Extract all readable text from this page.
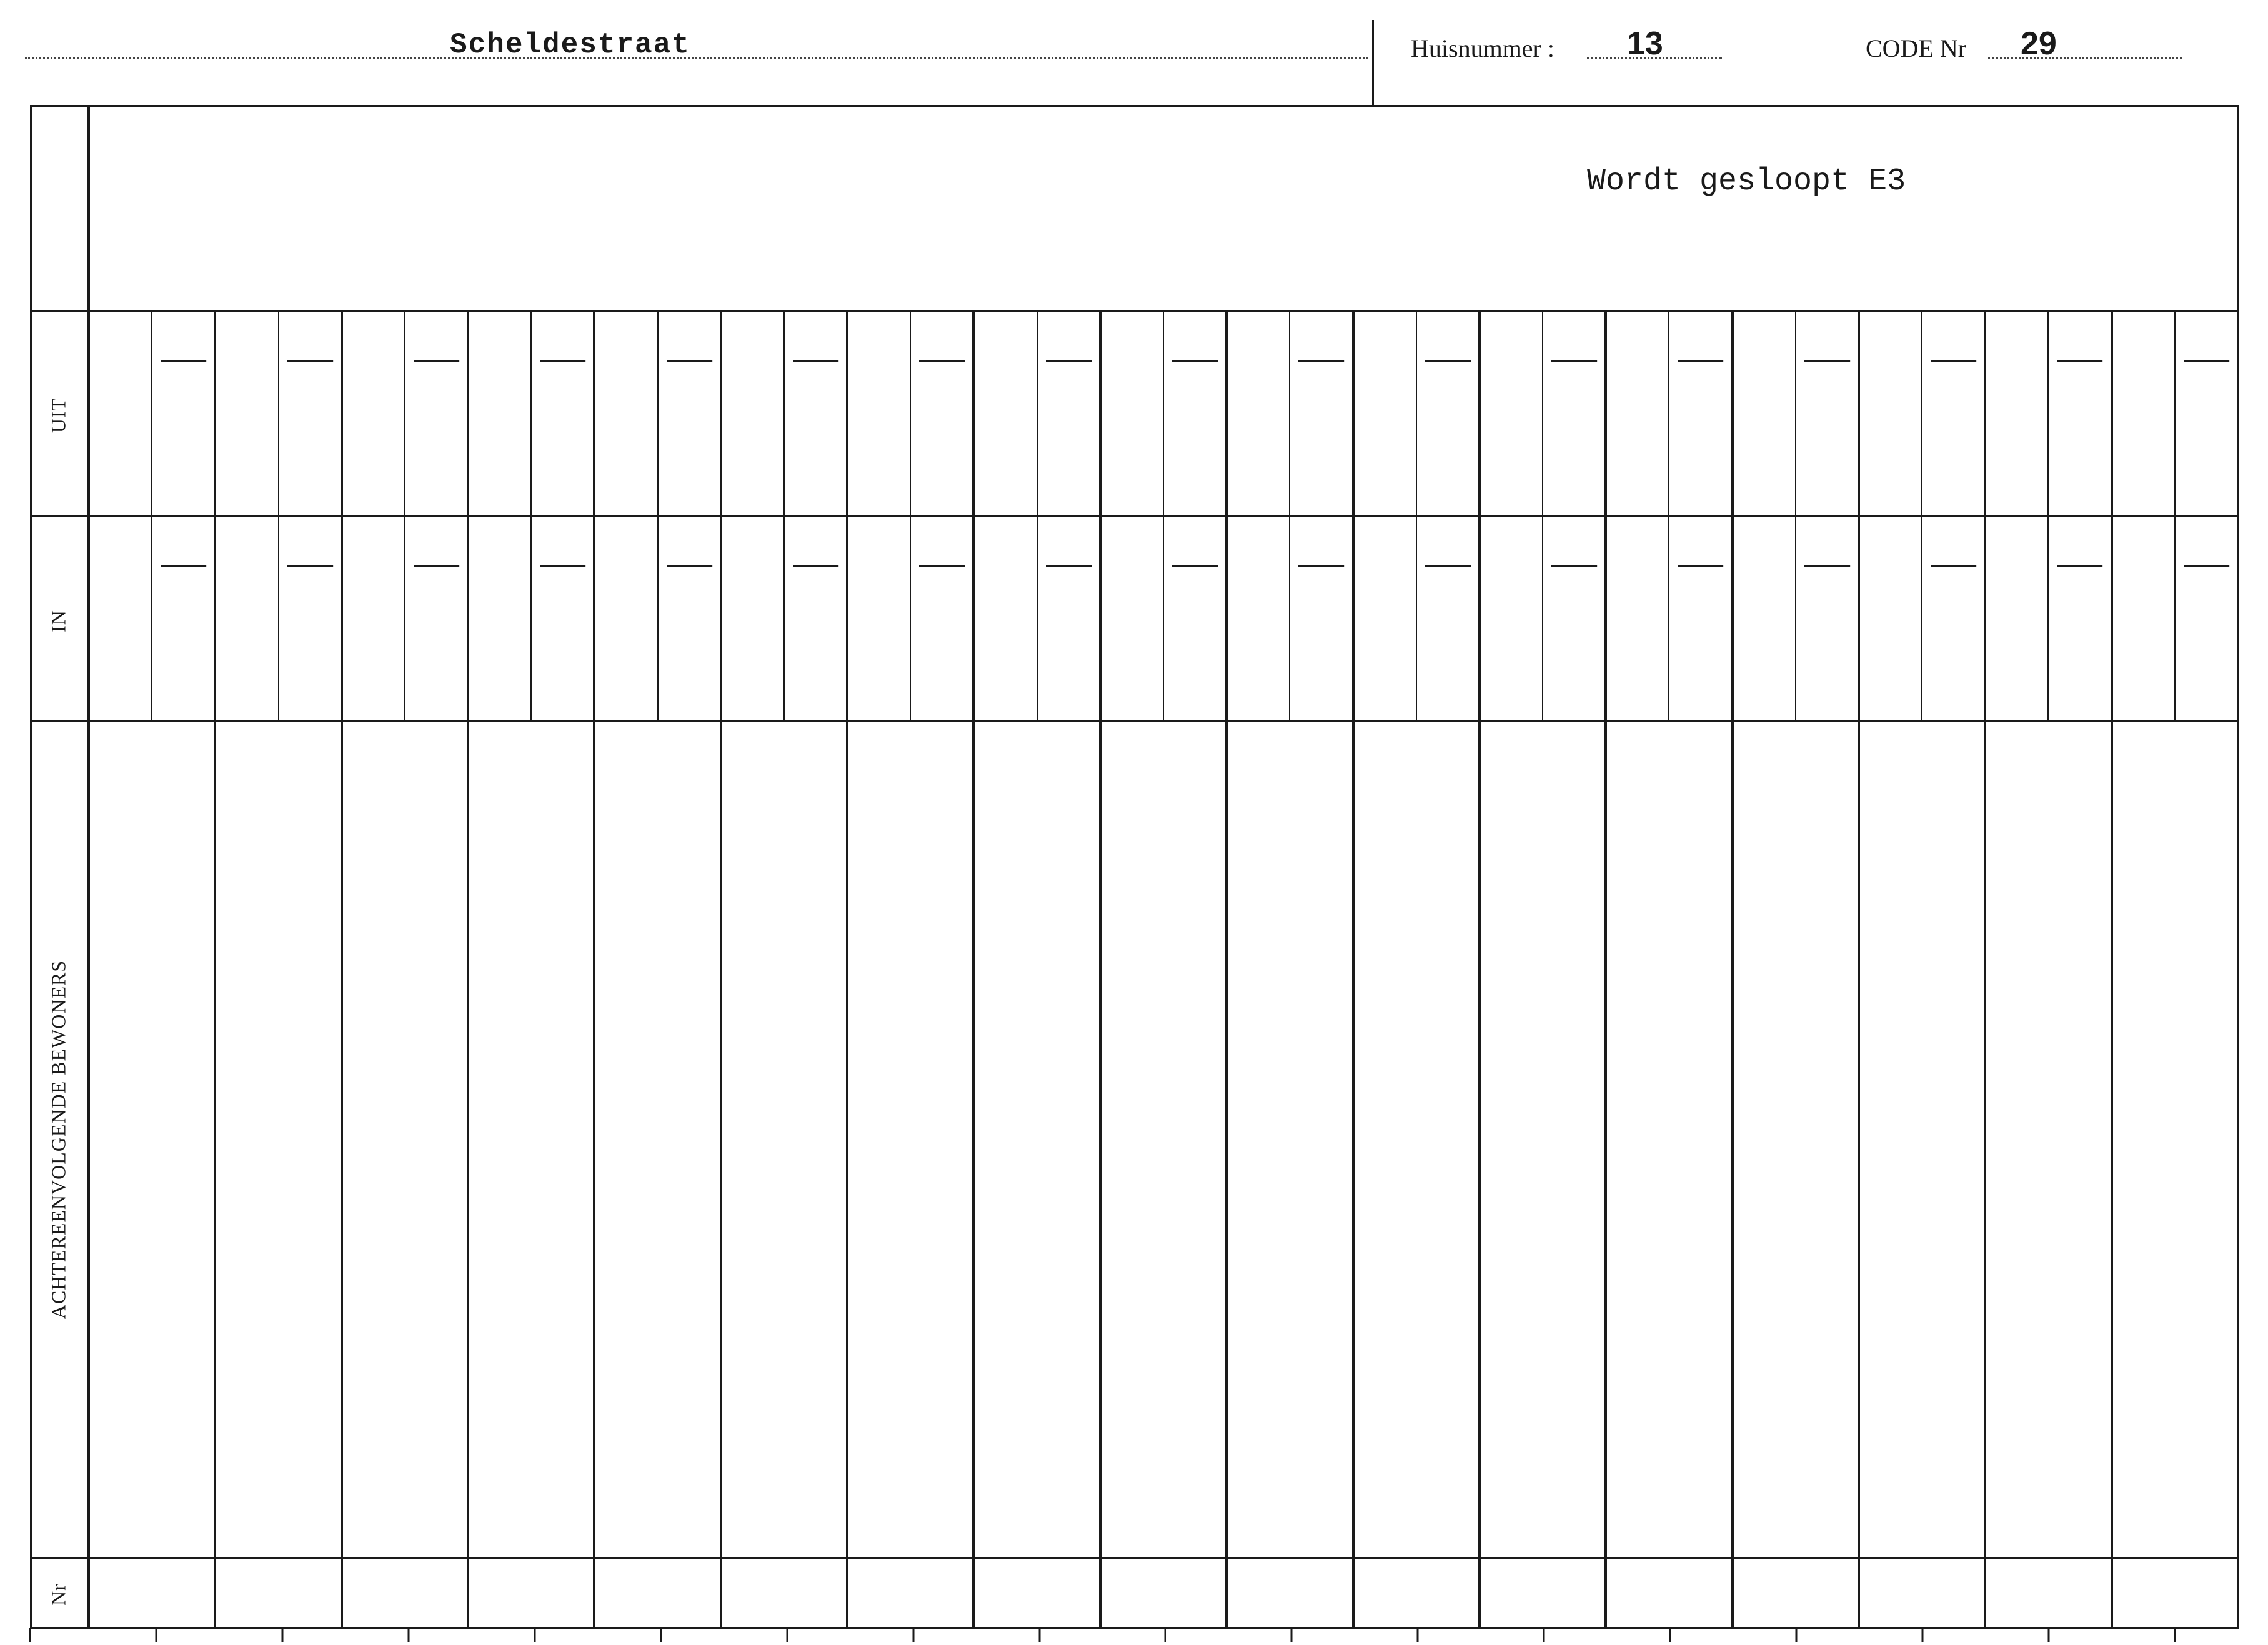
Scheldestraat	Huisnummer : 13	CODE Nr 29
Wordt gesloopt E3
UIT
IN
ACHTEREENVOLGENDE BEWONERS
Nr
